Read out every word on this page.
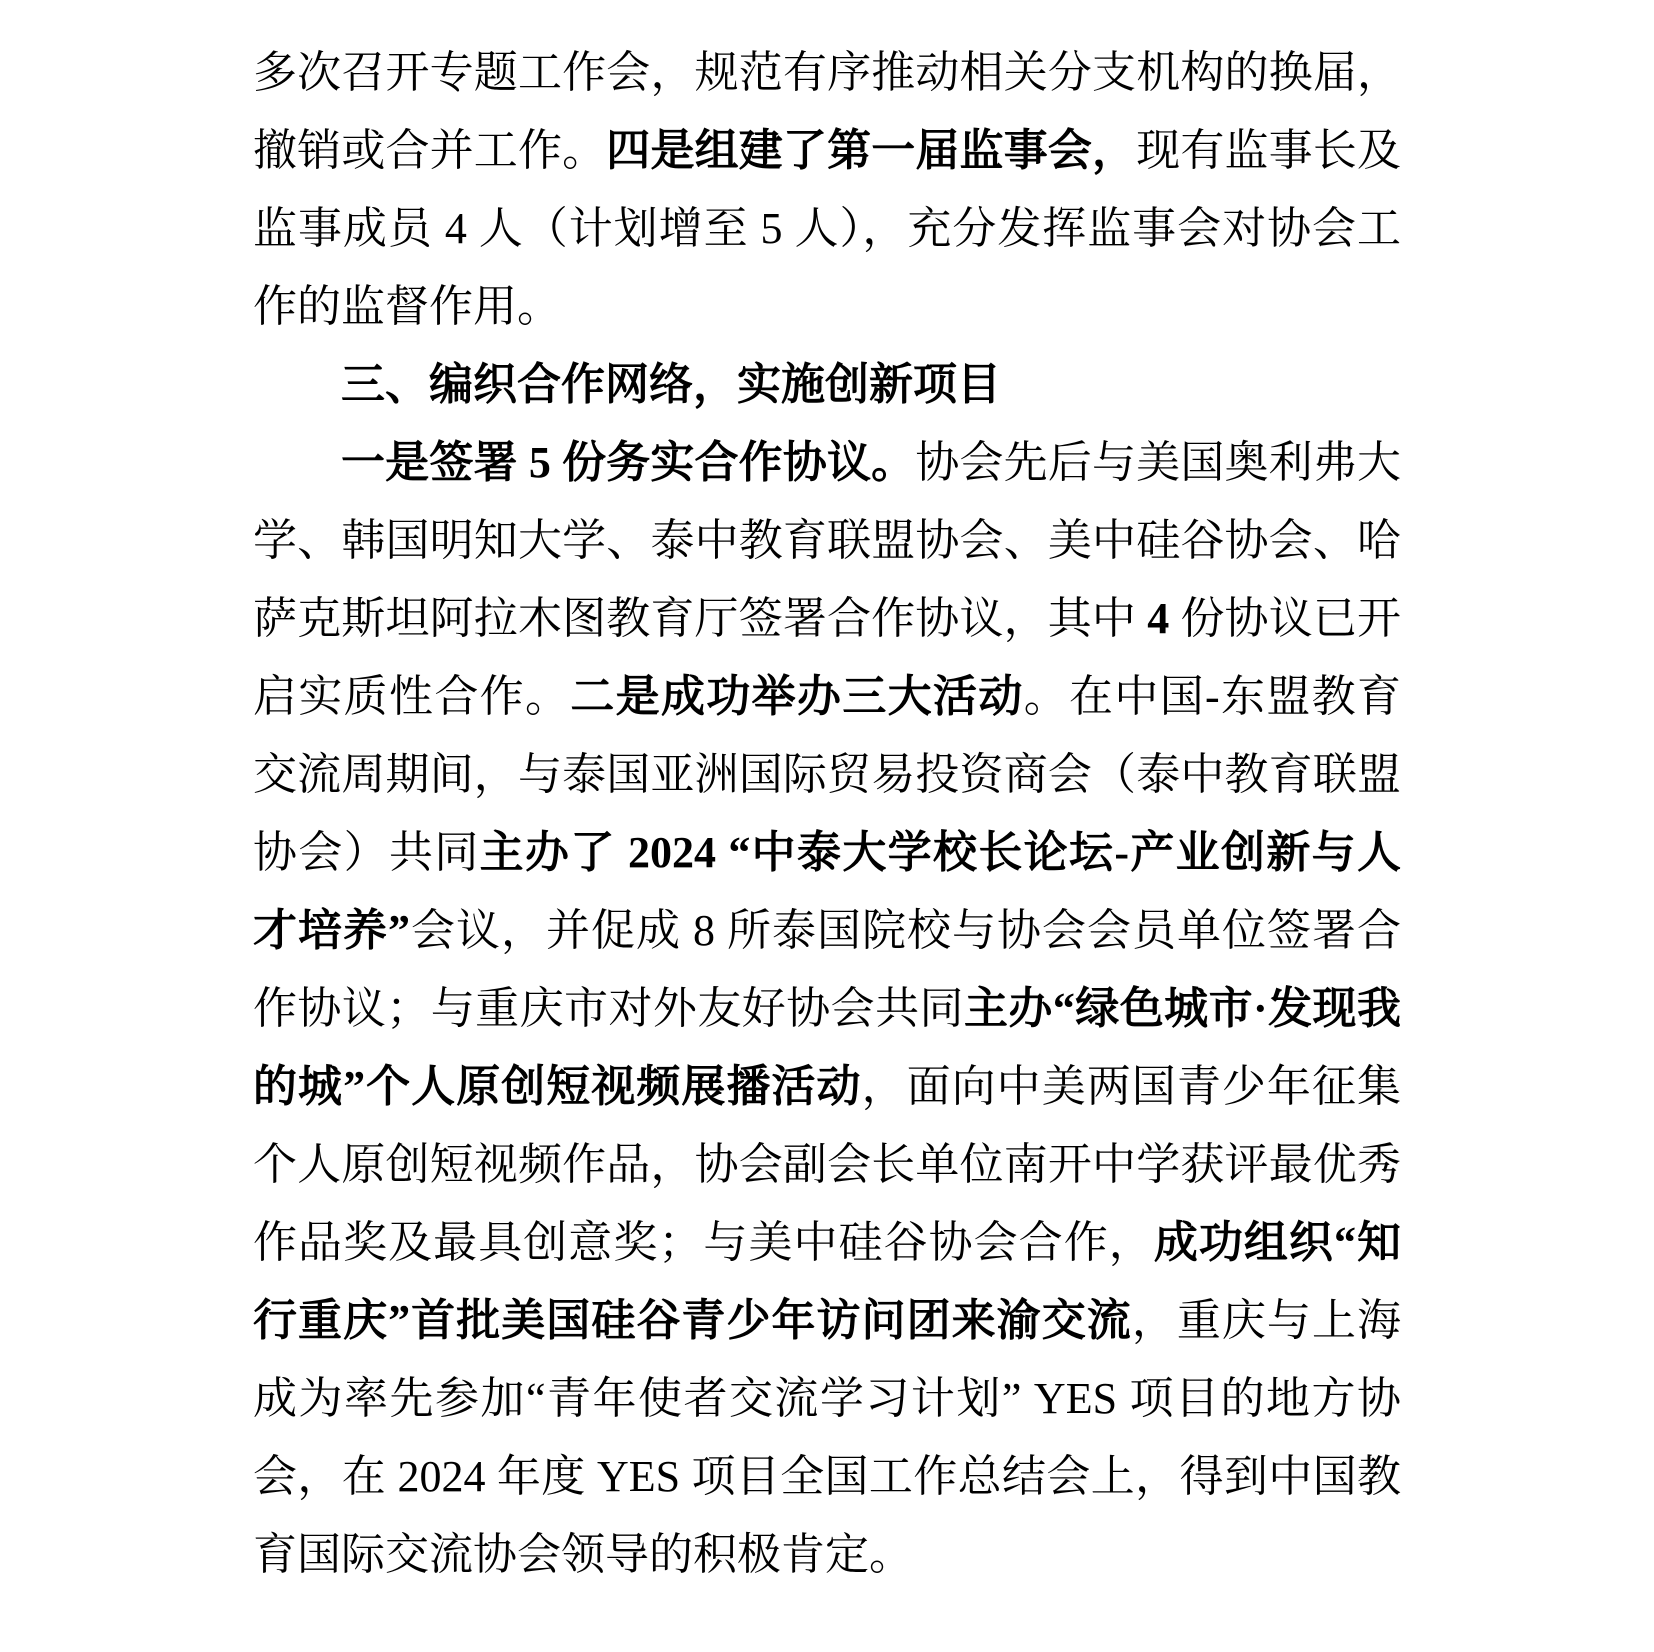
多次召开专题工作会，规范有序推动相关分支机构的换届，撤销或合并工作。四是组建了第一届监事会，现有监事长及监事成员 4 人（计划增至 5 人），充分发挥监事会对协会工作的监督作用。

三、编织合作网络，实施创新项目

一是签署 5 份务实合作协议。协会先后与美国奥利弗大学、韩国明知大学、泰中教育联盟协会、美中硅谷协会、哈萨克斯坦阿拉木图教育厅签署合作协议，其中 4 份协议已开启实质性合作。二是成功举办三大活动。在中国-东盟教育交流周期间，与泰国亚洲国际贸易投资商会（泰中教育联盟协会）共同主办了 2024 “中泰大学校长论坛-产业创新与人才培养”会议，并促成 8 所泰国院校与协会会员单位签署合作协议；与重庆市对外友好协会共同主办“绿色城市·发现我的城”个人原创短视频展播活动，面向中美两国青少年征集个人原创短视频作品，协会副会长单位南开中学获评最优秀作品奖及最具创意奖；与美中硅谷协会合作，成功组织“知行重庆”首批美国硅谷青少年访问团来渝交流，重庆与上海成为率先参加“青年使者交流学习计划” YES 项目的地方协会，在 2024 年度 YES 项目全国工作总结会上，得到中国教育国际交流协会领导的积极肯定。
